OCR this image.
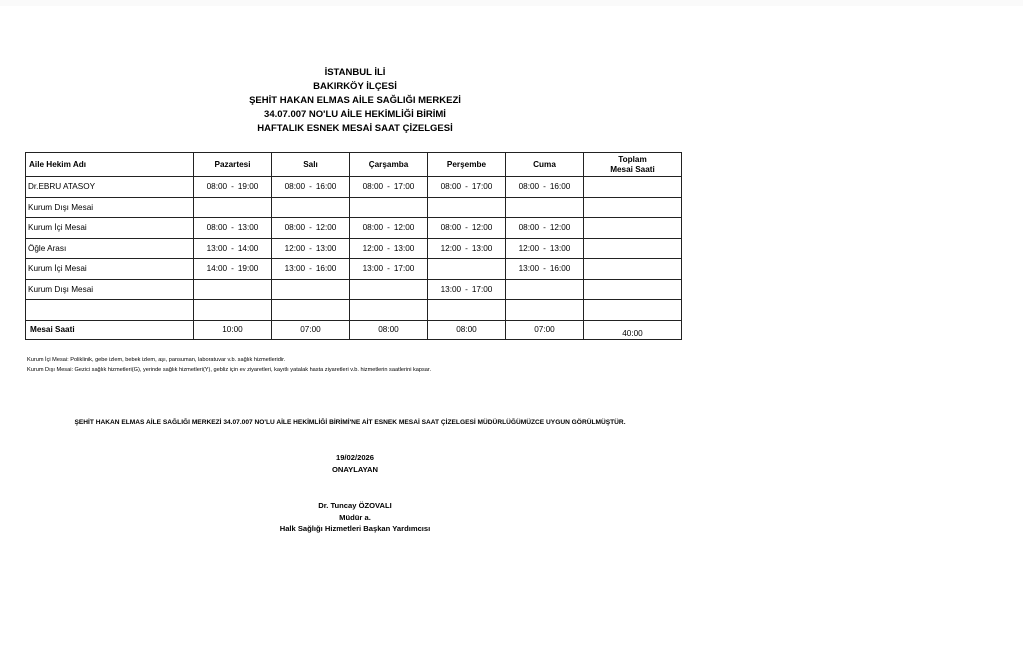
İSTANBUL İLİ
BAKIRKÖY İLÇESİ
ŞEHİT HAKAN ELMAS AİLE SAĞLIĞI MERKEZİ
34.07.007 NO'LU AİLE HEKİMLİĞİ BİRİMİ
HAFTALIK ESNEK MESAİ SAAT ÇİZELGESİ
Aile Hekim Adı	Pazartesi	Salı	Çarşamba	Perşembe	Cuma	Toplam
Mesai Saati

Dr.EBRU ATASOY	08:00 - 19:00	08:00 - 16:00	08:00 - 17:00	08:00 - 17:00	08:00 - 16:00	
Kurum Dışı Mesai						
Kurum İçi Mesai	08:00 - 13:00	08:00 - 12:00	08:00 - 12:00	08:00 - 12:00	08:00 - 12:00	
Öğle Arası	13:00 - 14:00	12:00 - 13:00	12:00 - 13:00	12:00 - 13:00	12:00 - 13:00	
Kurum İçi Mesai	14:00 - 19:00	13:00 - 16:00	13:00 - 17:00		13:00 - 16:00	
Kurum Dışı Mesai				13:00 - 17:00		

Mesai Saati	10:00	07:00	08:00	08:00	07:00	40:00
Kurum İçi Mesai: Poliklinik, gebe izlem, bebek izlem, aşı, pansuman, laboratuvar v.b. sağlık hizmetleridir.
Kurum Dışı Mesai: Gezici sağlık hizmetleri(G), yerinde sağlık hizmetleri(Y), gebliz için ev ziyaretleri, kayıtlı yatalak hasta ziyaretleri v.b. hizmetlerin saatlerini kapsar.
ŞEHİT HAKAN ELMAS AİLE SAĞLIĞI MERKEZİ 34.07.007 NO'LU AİLE HEKİMLİĞİ BİRİMİ'NE AİT ESNEK MESAİ SAAT ÇİZELGESİ MÜDÜRLÜĞÜMÜZCE UYGUN GÖRÜLMÜŞTÜR.
19/02/2026
ONAYLAYAN
Dr. Tuncay ÖZOVALI
Müdür a.
Halk Sağlığı Hizmetleri Başkan Yardımcısı
